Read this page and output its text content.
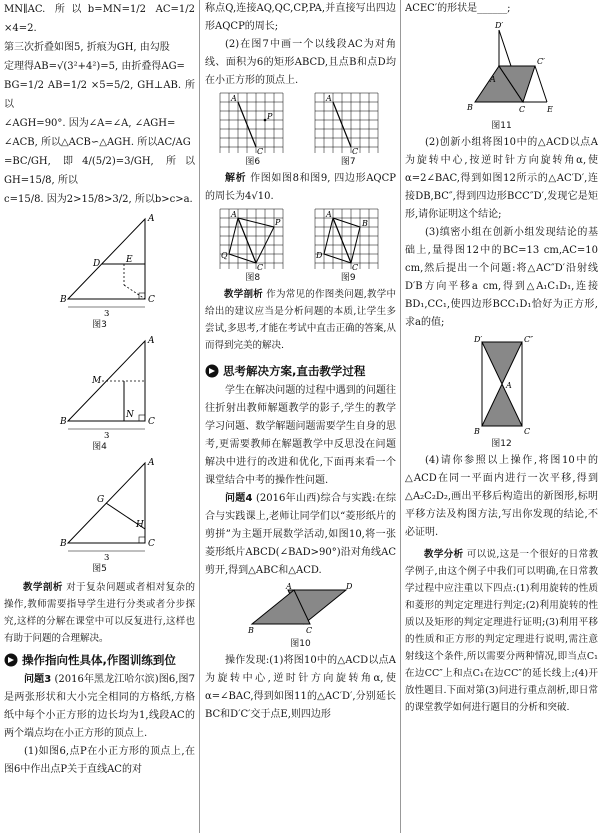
MN∥AC. 所以b=MN=1/2 AC=1/2 ×4=2.

第三次折叠如图5, 折痕为GH, 由勾股

定理得AB=√(3²+4²)=5, 由折叠得AG=

BG=1/2 AB=1/2 ×5=5/2, GH⊥AB. 所以

∠AGH=90°. 因为∠A=∠A, ∠AGH=

∠ACB, 所以△ACB∽△AGH. 所以AC/AG

=BC/GH, 即4/(5/2)=3/GH, 所以GH=15/8, 所以

c=15/8. 因为2>15/8>3/2, 所以b>c>a.

A
B	C
D	E
3
图3
A
B	C
M
N
3
图4
A
B	C
G
H
3
图5

教学剖析 对于复杂问题或者相对复杂的操作,教师需要指导学生进行分类或者分步探究,这样的分解在课堂中可以反复进行,这样也有助于问题的合理解决。

操作指向性具体,作图训练到位

问题3 (2016年黑龙江哈尔滨)图6,图7是两张形状和大小完全相同的方格纸,方格纸中每个小正方形的边长均为1,线段AC的两个端点均在小正方形的顶点上.

(1)如图6,点P在小正方形的顶点上,在图6中作出点P关于直线AC的对

称点Q,连接AQ,QC,CP,PA,并直接写出四边形AQCP的周长;

(2)在图7中画一个以线段AC为对角线、面积为6的矩形ABCD,且点B和点D均在小正方形的顶点上.

A
C
P
图6
A
C
图7

解析 作图如图8和图9, 四边形AQCP的周长为4√10.

A
C
P
Q
图8
A
B
C
D
图9

教学剖析 作为常见的作图类问题,教学中给出的建议应当是分析问题的本质,让学生多尝试,多思考,才能在考试中直击正确的答案,从而得到完美的解决.

思考解决方案,直击教学过程

学生在解决问题的过程中遇到的问题往往折射出教师解题教学的影子,学生的教学学习问题、数学解题问题需要学生自身的思考,更需要教师在解题教学中反思没在问题解决中进行的改进和优化,下面再来看一个课堂结合中考的操作性问题.

问题4 (2016年山西)综合与实践:在综合与实践课上,老师让同学们以“菱形纸片的剪拼”为主题开展数学活动,如图10,将一张菱形纸片ABCD(∠BAD>90°)沿对角线AC剪开,得到△ABC和△ACD.

A
B	C
D
图10

操作发现:(1)将图10中的△ACD以点A为旋转中心,逆时针方向旋转角α,使α=∠BAC,得到如图11的△AC′D′,分别延长BC和D′C′交于点E,则四边形

ACEC′的形状是______;

D′
C′
A
B	C	E
图11

(2)创新小组将图10中的△ACD以点A为旋转中心,按逆时针方向旋转角α,使α=2∠BAC,得到如图12所示的△AC′D′,连接DB,BC″,得到四边形BCC″D′,发现它是矩形,请你证明这个结论;

(3)缜密小组在创新小组发现结论的基础上,量得图12中的BC=13 cm,AC=10 cm,然后提出一个问题:将△AC″D′沿射线D′B方向平移a cm,得到△A₁C₁D₁,连接BD₁,CC₁,使四边形BCC₁D₁恰好为正方形,求a的值;

D′	C″
A
B	C
图12

(4)请你参照以上操作,将图10中的△ACD在同一平面内进行一次平移,得到△A₂C₂D₂,画出平移后构造出的新图形,标明平移方法及构图方法,写出你发现的结论,不必证明.

教学分析 可以说,这是一个很好的日常教学例子,由这个例子中我们可以明确,在日常教学过程中应注重以下四点:(1)利用旋转的性质和菱形的判定定理进行判定;(2)利用旋转的性质以及矩形的判定定理进行证明;(3)利用平移的性质和正方形的判定定理进行说明,需注意射线这个条件,所以需要分两种情况,即当点C₁在边CC″上和点C₁在边CC″的延长线上;(4)开放性题目.下面对第(3)问进行重点剖析,即日常的课堂教学如何进行题目的分析和突破.
